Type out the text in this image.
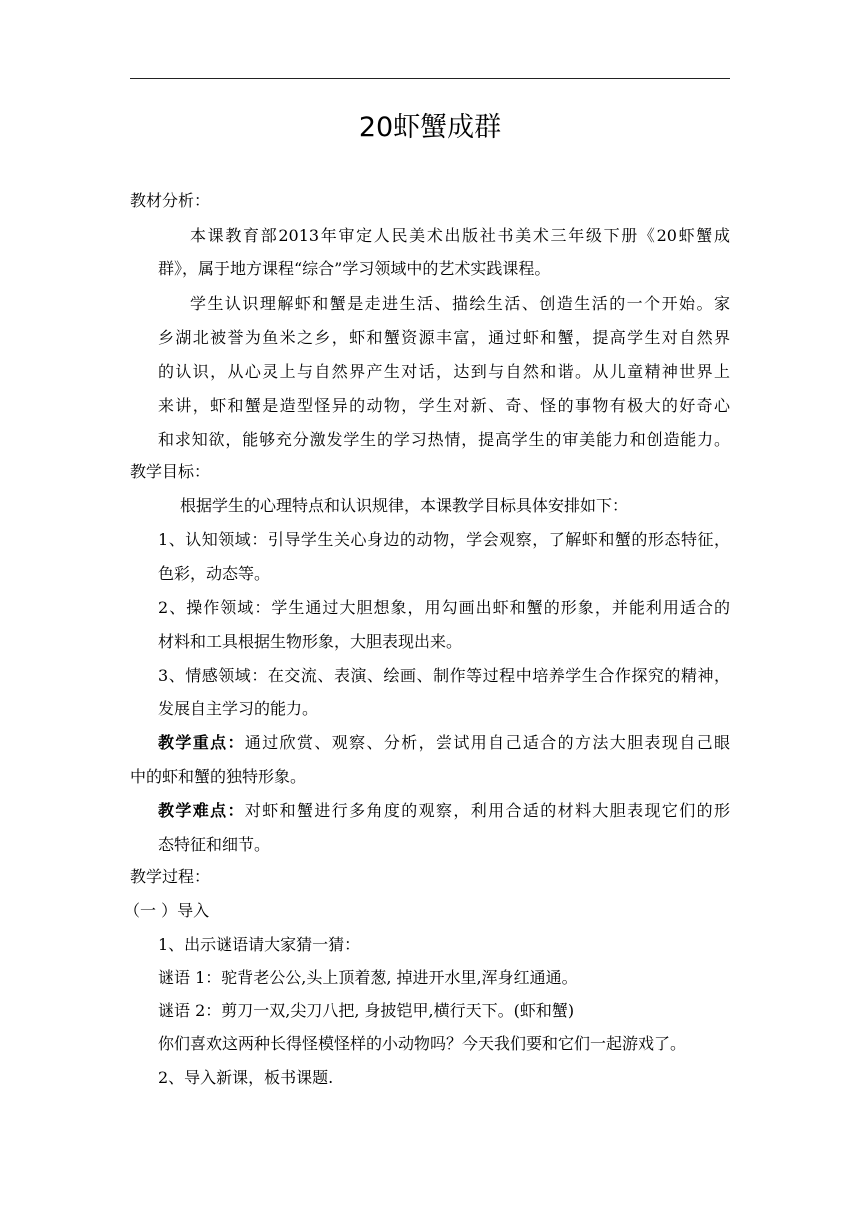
20虾蟹成群
教材分析：
本课教育部2013年审定人民美术出版社书美术三年级下册《20虾蟹成
群》，属于地方课程“综合”学习领域中的艺术实践课程。
学生认识理解虾和蟹是走进生活、描绘生活、创造生活的一个开始。家
乡湖北被誉为鱼米之乡，虾和蟹资源丰富，通过虾和蟹，提高学生对自然界
的认识，从心灵上与自然界产生对话，达到与自然和谐。从儿童精神世界上
来讲，虾和蟹是造型怪异的动物，学生对新、奇、怪的事物有极大的好奇心
和求知欲，能够充分激发学生的学习热情，提高学生的审美能力和创造能力。
教学目标：
根据学生的心理特点和认识规律，本课教学目标具体安排如下：
1、认知领域：引导学生关心身边的动物，学会观察，了解虾和蟹的形态特征，
色彩，动态等。
2、操作领域：学生通过大胆想象，用勾画出虾和蟹的形象，并能利用适合的
材料和工具根据生物形象，大胆表现出来。
3、情感领域：在交流、表演、绘画、制作等过程中培养学生合作探究的精神，
发展自主学习的能力。
教学重点：通过欣赏、观察、分析，尝试用自己适合的方法大胆表现自己眼
中的虾和蟹的独特形象。
教学难点：对虾和蟹进行多角度的观察，利用合适的材料大胆表现它们的形
态特征和细节。
教学过程：
（一 ）导入
1、出示谜语请大家猜一猜：
谜语 1：驼背老公公,头上顶着葱, 掉进开水里,浑身红通通。
谜语 2：剪刀一双,尖刀八把, 身披铠甲,横行天下。(虾和蟹)
你们喜欢这两种长得怪模怪样的小动物吗？今天我们要和它们一起游戏了。
2、导入新课，板书课题.
